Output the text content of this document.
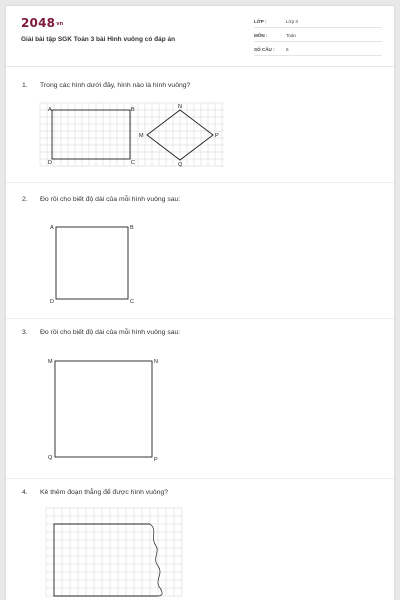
2048vn
Giải bài tập SGK Toán 3 bài Hình vuông có đáp án
LỚP :	Lớp 3
MÔN :	Toán
SỐ CÂU : 6
1. Trong các hình dưới đây, hình nào là hình vuông?
A	B
C
D
N
P
Q
M
2. Đo rồi cho biết độ dài của mỗi hình vuông sau:
A	B
C
D
3. Đo rồi cho biết độ dài của mỗi hình vuông sau:
M	N
P
Q
4. Kẻ thêm đoạn thẳng để được hình vuông?
